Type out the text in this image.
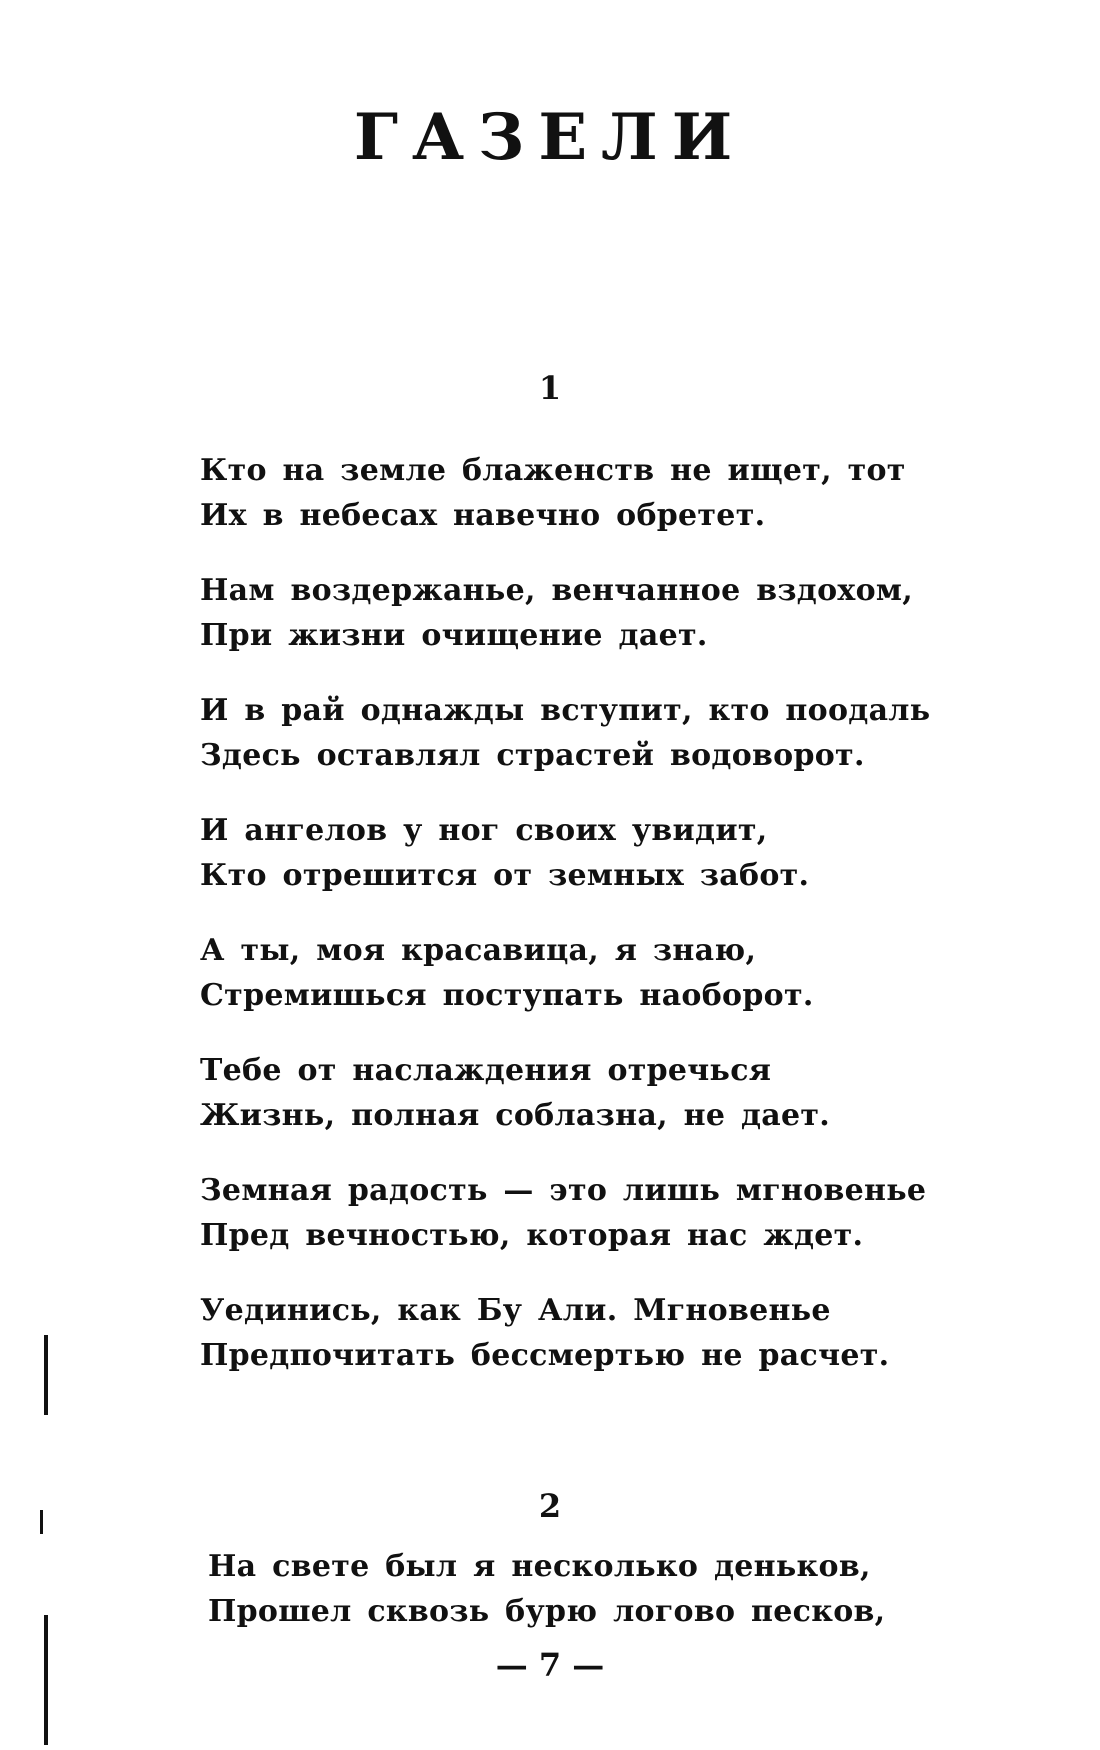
ГАЗЕЛИ
1
Кто на земле блаженств не ищет, тот
Их в небесах навечно обретет.
Нам воздержанье, венчанное вздохом,
При жизни очищение дает.
И в рай однажды вступит, кто поодаль
Здесь оставлял страстей водоворот.
И ангелов у ног своих увидит,
Кто отрешится от земных забот.
А ты, моя красавица, я знаю,
Стремишься поступать наоборот.
Тебе от наслаждения отречься
Жизнь, полная соблазна, не дает.
Земная радость — это лишь мгновенье
Пред вечностью, которая нас ждет.
Уединись, как Бу Али. Мгновенье
Предпочитать бессмертью не расчет.
2
На свете был я несколько деньков,
Прошел сквозь бурю логово песков,
— 7 —
